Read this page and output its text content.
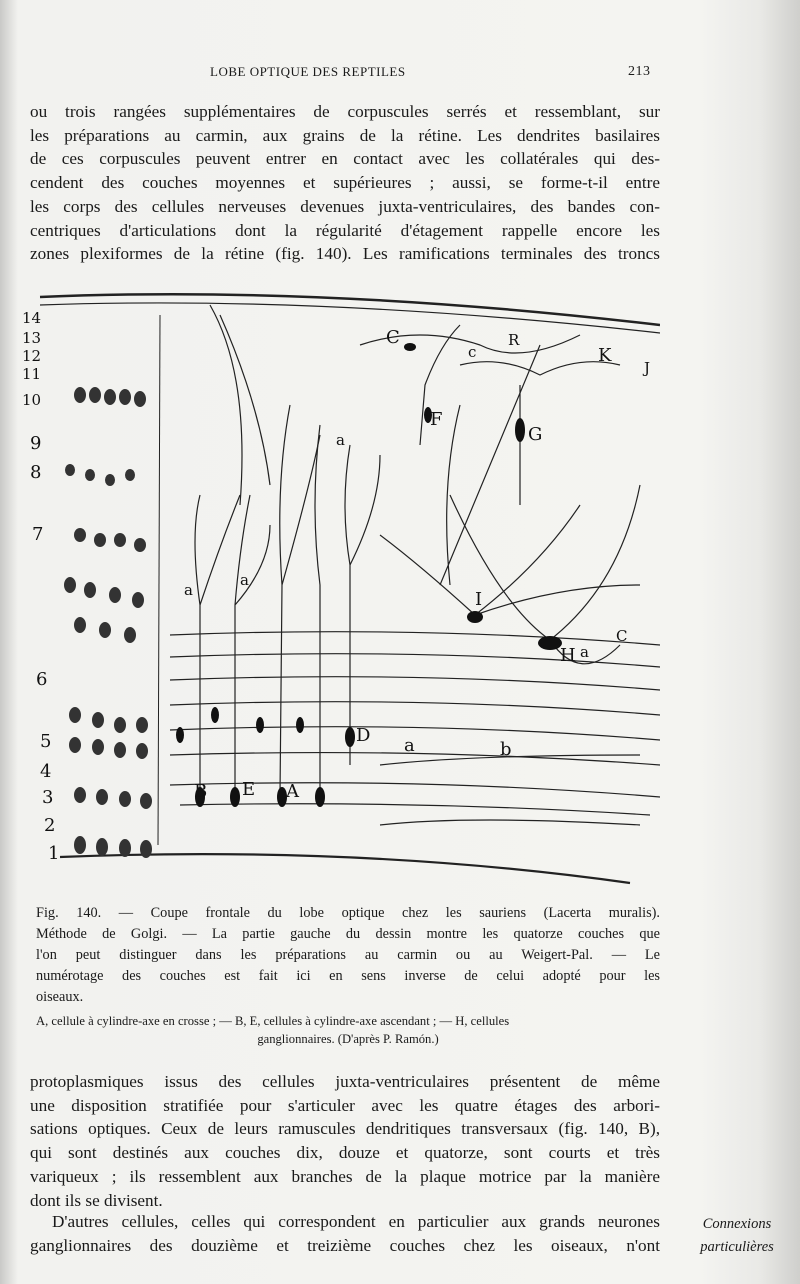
LOBE OPTIQUE DES REPTILES	213

ou trois rangées supplémentaires de corpuscules serrés et ressemblant, sur
les préparations au carmin, aux grains de la rétine. Les dendrites basilaires
de ces corpuscules peuvent entrer en contact avec les collatérales qui des-
cendent des couches moyennes et supérieures ; aussi, se forme-t-il entre
les corps des cellules nerveuses devenues juxta-ventriculaires, des bandes con-
centriques d'articulations dont la régularité d'étagement rappelle encore les
zones plexiformes de la rétine (fig. 140). Les ramifications terminales des troncs

14
13
12
11
10
9
8
7
6
5
4
3
2
1
C
c
R
K
J
F
G
I
H
a
a
a
a
a
D
B E A
b
C

Fig. 140. — Coupe frontale du lobe optique chez les sauriens (Lacerta muralis).
Méthode de Golgi. — La partie gauche du dessin montre les quatorze couches que
l'on peut distinguer dans les préparations au carmin ou au Weigert-Pal. — Le
numérotage des couches est fait ici en sens inverse de celui adopté pour les
oiseaux.

A, cellule à cylindre-axe en crosse ; — B, E, cellules à cylindre-axe ascendant ; — H, cellules
ganglionnaires. (D'après P. Ramón.)

protoplasmiques issus des cellules juxta-ventriculaires présentent de même
une disposition stratifiée pour s'articuler avec les quatre étages des arbori-
sations optiques. Ceux de leurs ramuscules dendritiques transversaux (fig. 140, B),
qui sont destinés aux couches dix, douze et quatorze, sont courts et très
variqueux ; ils ressemblent aux branches de la plaque motrice par la manière
dont ils se divisent.

D'autres cellules, celles qui correspondent en particulier aux grands neurones
ganglionnaires des douzième et treizième couches chez les oiseaux, n'ont

Connexions
particulières
